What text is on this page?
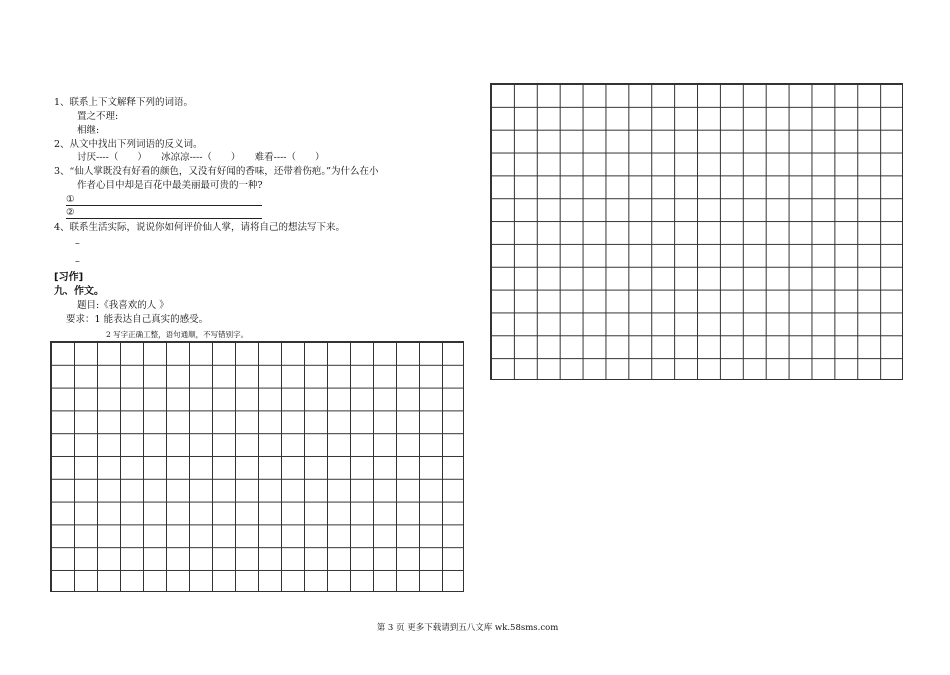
1、联系上下文解释下列的词语。
置之不理:
相继:
2、从文中找出下列词语的反义词。
讨厌----（　　）　　冰凉凉----（　　）　　难看----（　　）
3、“仙人掌既没有好看的颜色，又没有好闻的香味，还带着伤疤。”为什么在小
作者心目中却是百花中最美丽最可贵的一种?
①
②
4、联系生活实际，说说你如何评价仙人掌，请将自己的想法写下来。
–
–
[习作]
九、作文。
题目:《我喜欢的人 》
要求：1 能表达自己真实的感受。
2 写字正确工整，语句通顺，不写错别字。
第 3 页 更多下载请到五八文库 wk.58sms.com
